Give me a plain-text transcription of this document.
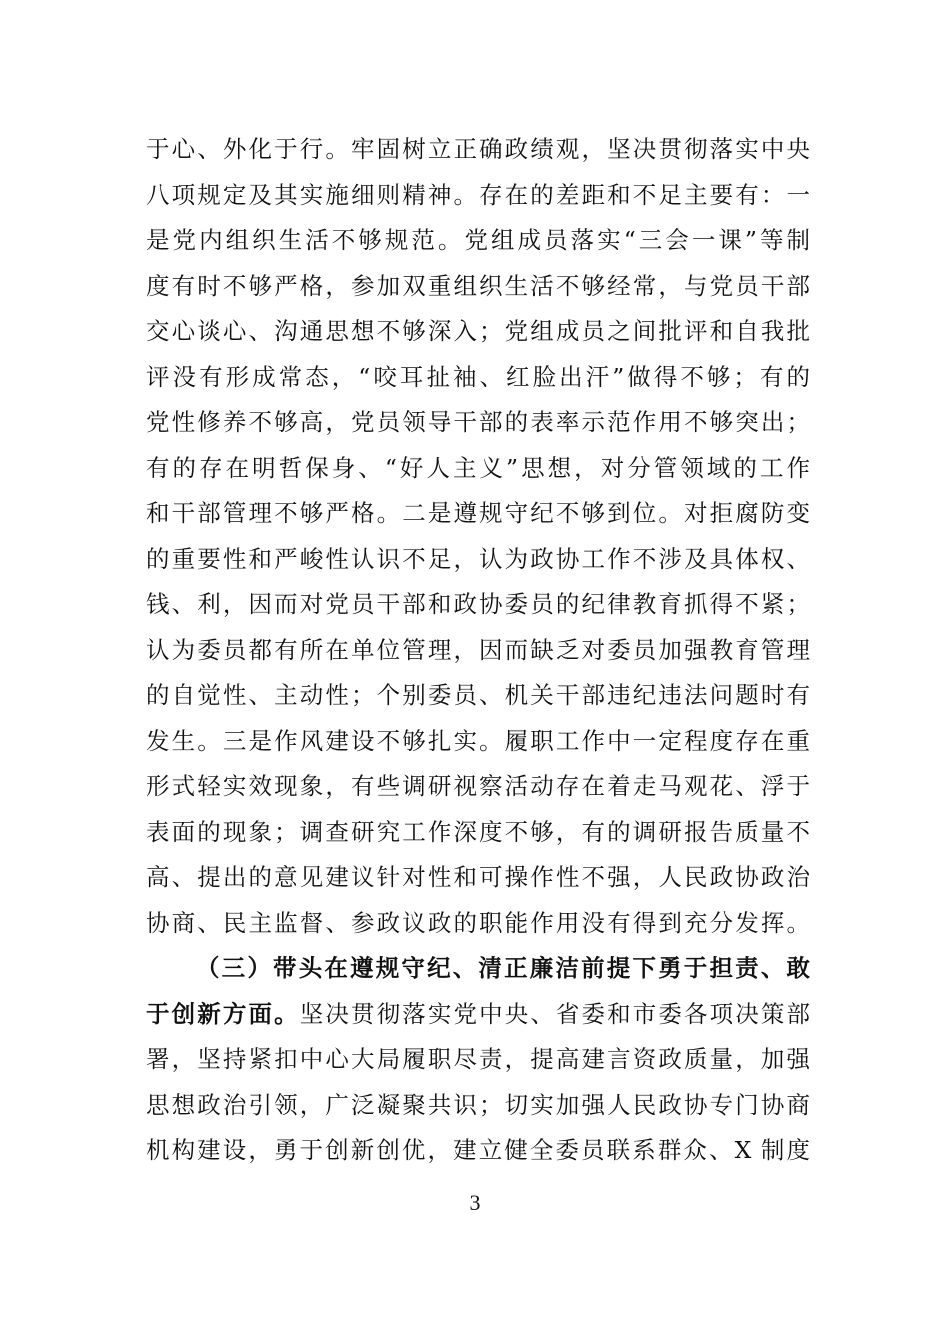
于心、外化于行。牢固树立正确政绩观，坚决贯彻落实中央
八项规定及其实施细则精神。存在的差距和不足主要有：一
是党内组织生活不够规范。党组成员落实“三会一课”等制
度有时不够严格，参加双重组织生活不够经常，与党员干部
交心谈心、沟通思想不够深入；党组成员之间批评和自我批
评没有形成常态，“咬耳扯袖、红脸出汗”做得不够；有的
党性修养不够高，党员领导干部的表率示范作用不够突出；
有的存在明哲保身、“好人主义”思想，对分管领域的工作
和干部管理不够严格。二是遵规守纪不够到位。对拒腐防变
的重要性和严峻性认识不足，认为政协工作不涉及具体权、
钱、利，因而对党员干部和政协委员的纪律教育抓得不紧；
认为委员都有所在单位管理，因而缺乏对委员加强教育管理
的自觉性、主动性；个别委员、机关干部违纪违法问题时有
发生。三是作风建设不够扎实。履职工作中一定程度存在重
形式轻实效现象，有些调研视察活动存在着走马观花、浮于
表面的现象；调查研究工作深度不够，有的调研报告质量不
高、提出的意见建议针对性和可操作性不强，人民政协政治
协商、民主监督、参政议政的职能作用没有得到充分发挥。
（三）带头在遵规守纪、清正廉洁前提下勇于担责、敢
于创新方面。坚决贯彻落实党中央、省委和市委各项决策部
署，坚持紧扣中心大局履职尽责，提高建言资政质量，加强
思想政治引领，广泛凝聚共识；切实加强人民政协专门协商
机构建设，勇于创新创优，建立健全委员联系群众、X 制度
3
